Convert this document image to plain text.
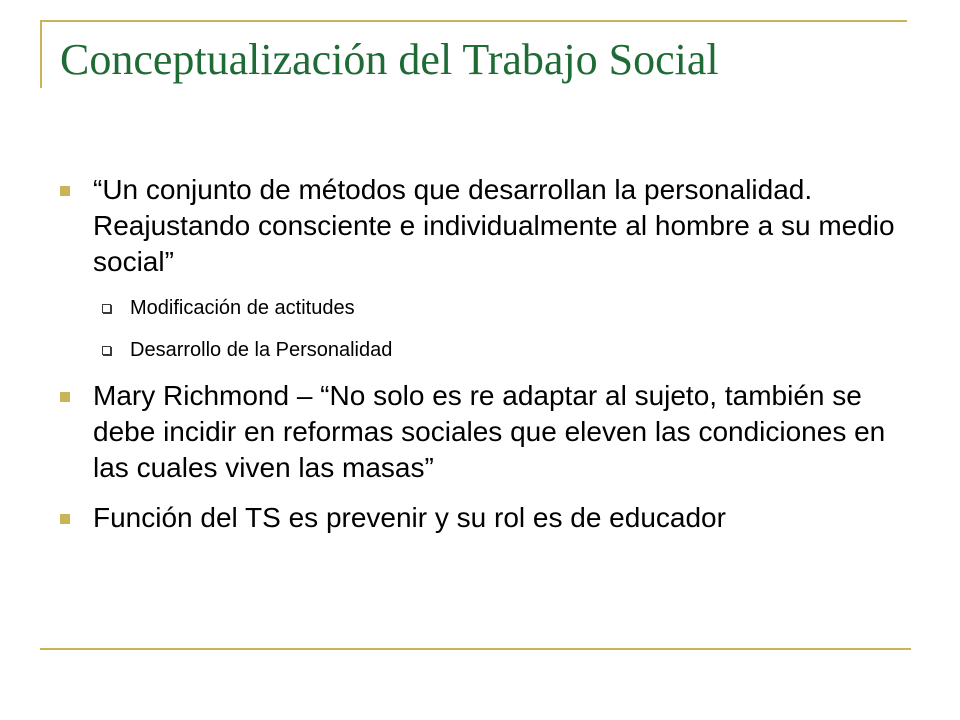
Conceptualización del Trabajo Social
“Un conjunto de métodos que desarrollan la personalidad. Reajustando consciente e individualmente al hombre a su medio social”
Modificación de actitudes
Desarrollo de la Personalidad
Mary Richmond – “No solo es re adaptar al sujeto, también se debe incidir en reformas sociales que eleven las condiciones en las cuales viven las masas”
Función del TS es prevenir y su rol es de educador
